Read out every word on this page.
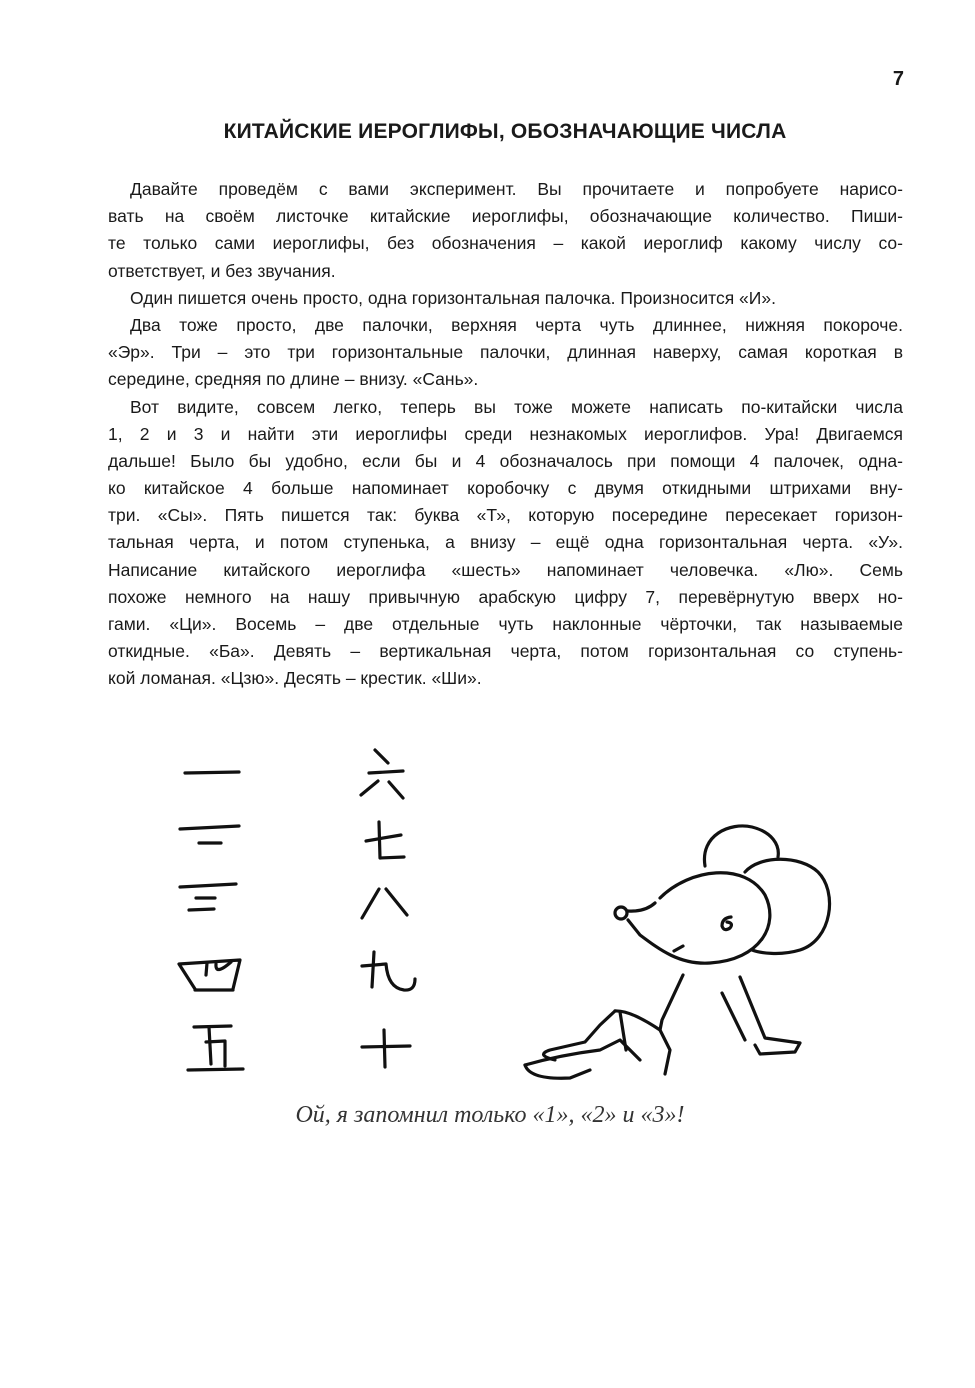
7
КИТАЙСКИЕ ИЕРОГЛИФЫ, ОБОЗНАЧАЮЩИЕ ЧИСЛА
Давайте проведём с вами эксперимент. Вы прочитаете и попробуете нарисо-
вать на своём листочке китайские иероглифы, обозначающие количество. Пиши-
те только сами иероглифы, без обозначения – какой иероглиф какому числу со-
ответствует, и без звучания.
Один пишется очень просто, одна горизонтальная палочка. Произносится «И».
Два тоже просто, две палочки, верхняя черта чуть длиннее, нижняя покороче.
«Эр». Три – это три горизонтальные палочки, длинная наверху, самая короткая в
середине, средняя по длине – внизу. «Сань».
Вот видите, совсем легко, теперь вы тоже можете написать по-китайски числа
1, 2 и 3 и найти эти иероглифы среди незнакомых иероглифов. Ура! Двигаемся
дальше! Было бы удобно, если бы и 4 обозначалось при помощи 4 палочек, одна-
ко китайское 4 больше напоминает коробочку с двумя откидными штрихами вну-
три. «Сы». Пять пишется так: буква «Т», которую посередине пересекает горизон-
тальная черта, и потом ступенька, а внизу – ещё одна горизонтальная черта. «У».
Написание китайского иероглифа «шесть» напоминает человечка. «Лю». Семь
похоже немного на нашу привычную арабскую цифру 7, перевёрнутую вверх но-
гами. «Ци». Восемь – две отдельные чуть наклонные чёрточки, так называемые
откидные. «Ба». Девять – вертикальная черта, потом горизонтальная со ступень-
кой ломаная. «Цзю». Десять – крестик. «Ши».
Ой, я запомнил только «1», «2» и «3»!
